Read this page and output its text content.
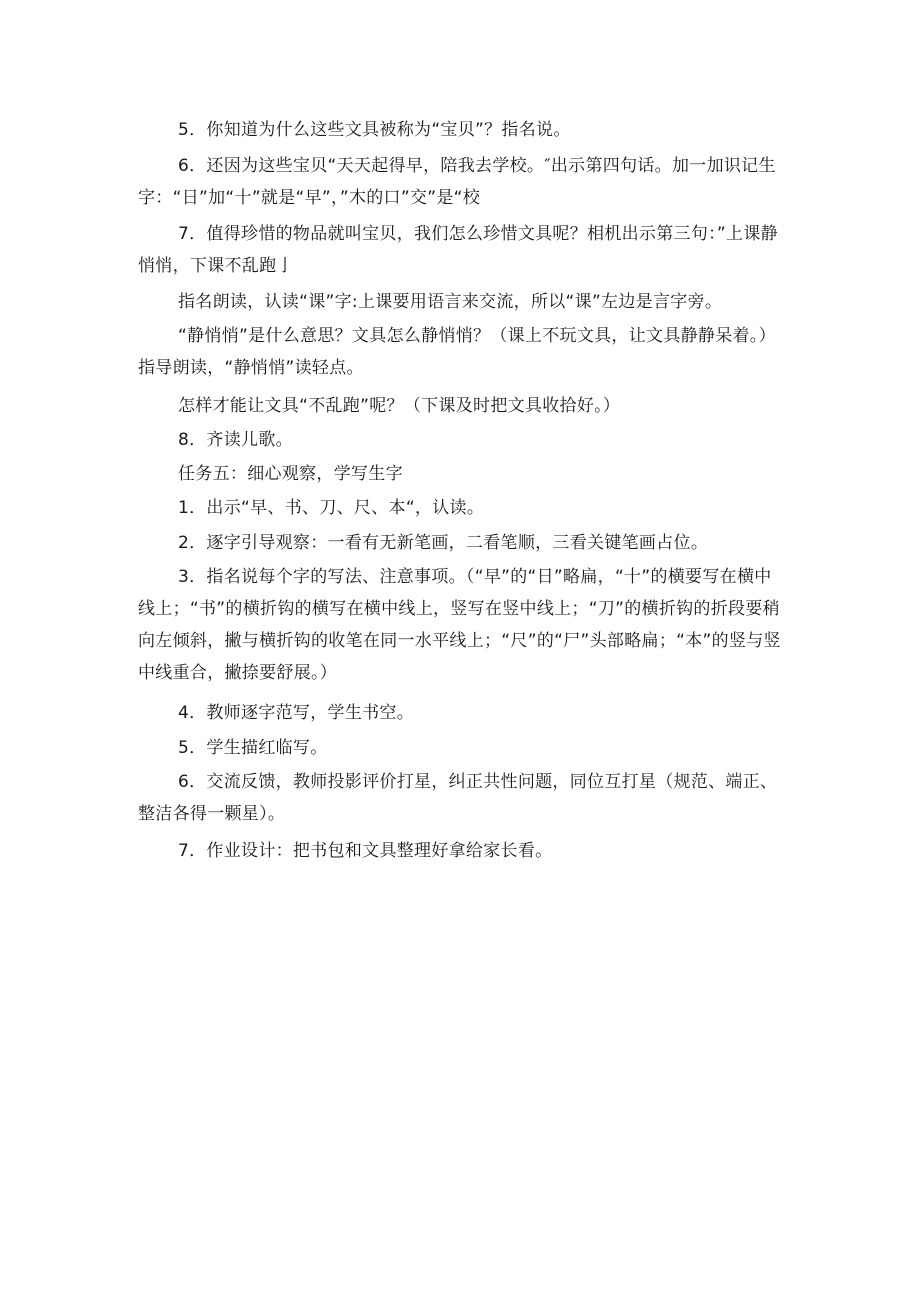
5．你知道为什么这些文具被称为“宝贝”？指名说。

6．还因为这些宝贝“天天起得早，陪我去学校。″出示第四句话。加一加识记生字：“日”加“十”就是“早”，”木的口”交”是“校

7．值得珍惜的物品就叫宝贝，我们怎么珍惜文具呢？相机出示第三句：”上课静悄悄，下课不乱跑亅

指名朗读，认读“课”字:上课要用语言来交流，所以“课”左边是言字旁。

“静悄悄”是什么意思？文具怎么静悄悄？（课上不玩文具，让文具静静呆着。）指导朗读，“静悄悄”读轻点。

怎样才能让文具“不乱跑”呢？（下课及时把文具收拾好。）

8．齐读儿歌。

任务五：细心观察，学写生字

1．出示“早、书、刀、尺、本“，认读。

2．逐字引导观察：一看有无新笔画，二看笔顺，三看关键笔画占位。

3．指名说每个字的写法、注意事项。（“早”的“日”略扁，“十”的横要写在横中线上；“书”的横折钩的横写在横中线上，竖写在竖中线上；“刀”的横折钩的折段要稍向左倾斜，撇与横折钩的收笔在同一水平线上；“尺”的“尸”头部略扁；“本”的竖与竖中线重合，撇捺要舒展。）

4．教师逐字范写，学生书空。

5．学生描红临写。

6．交流反馈，教师投影评价打星，纠正共性问题，同位互打星（规范、端正、整洁各得一颗星）。

7．作业设计：把书包和文具整理好拿给家长看。
